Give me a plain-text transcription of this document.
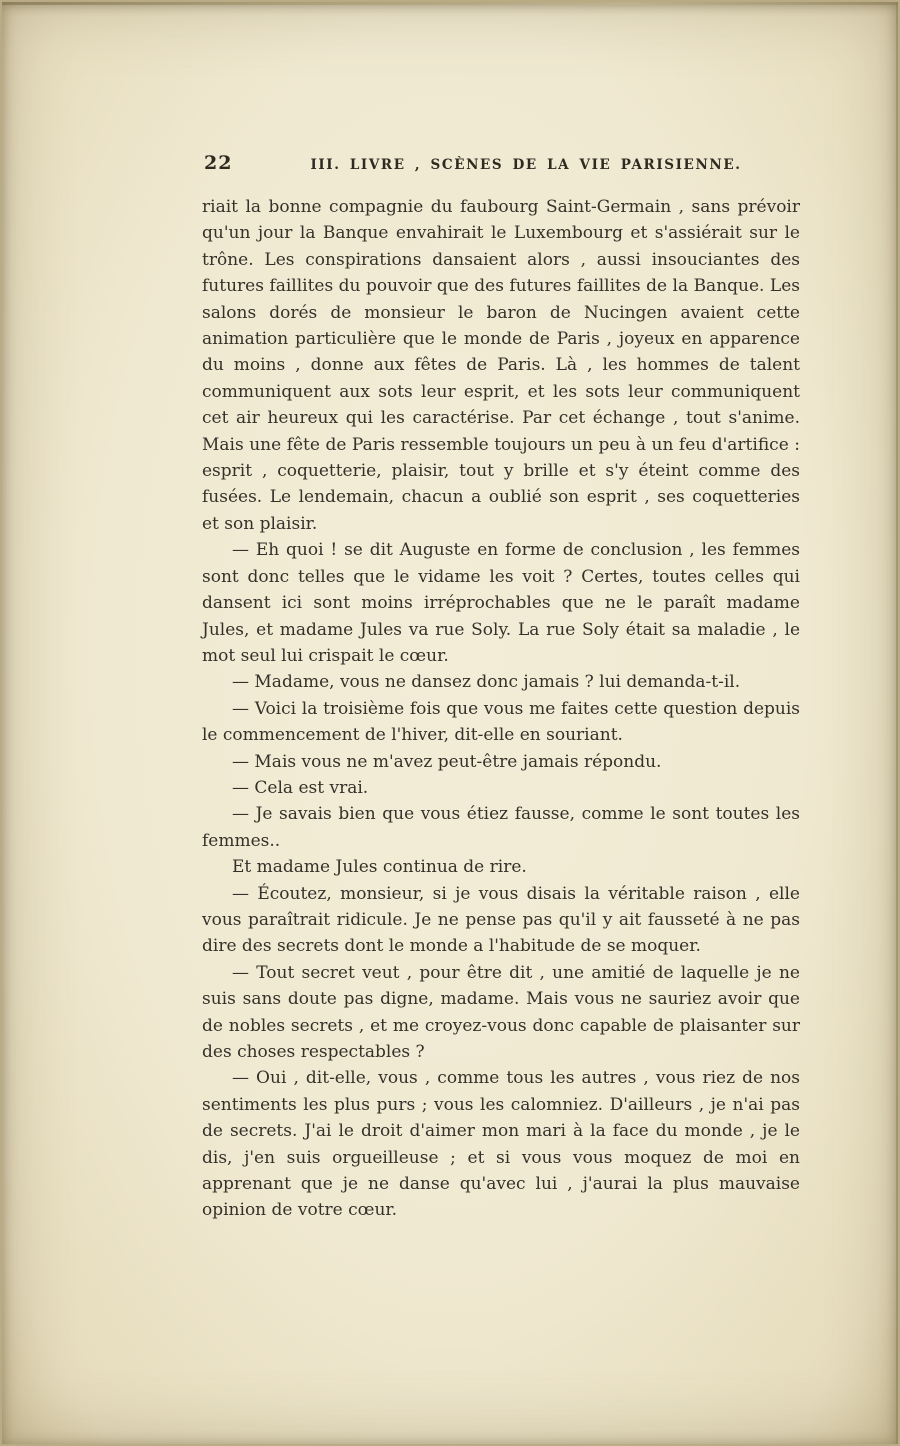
22	III. LIVRE , SCÈNES DE LA VIE PARISIENNE.

riait la bonne compagnie du faubourg Saint-Germain , sans prévoir qu'un jour la Banque envahirait le Luxembourg et s'assiérait sur le trône. Les conspirations dansaient alors , aussi insouciantes des futures faillites du pouvoir que des futures faillites de la Banque. Les salons dorés de monsieur le baron de Nucingen avaient cette animation particulière que le monde de Paris , joyeux en apparence du moins , donne aux fêtes de Paris. Là , les hommes de talent communiquent aux sots leur esprit, et les sots leur communiquent cet air heureux qui les caractérise. Par cet échange , tout s'anime. Mais une fête de Paris ressemble toujours un peu à un feu d'artifice : esprit , coquetterie, plaisir, tout y brille et s'y éteint comme des fusées. Le lendemain, chacun a oublié son esprit , ses coquetteries et son plaisir.

— Eh quoi ! se dit Auguste en forme de conclusion , les femmes sont donc telles que le vidame les voit ? Certes, toutes celles qui dansent ici sont moins irréprochables que ne le paraît madame Jules, et madame Jules va rue Soly. La rue Soly était sa maladie , le mot seul lui crispait le cœur.

— Madame, vous ne dansez donc jamais ? lui demanda-t-il.

— Voici la troisième fois que vous me faites cette question depuis le commencement de l'hiver, dit-elle en souriant.

— Mais vous ne m'avez peut-être jamais répondu.

— Cela est vrai.

— Je savais bien que vous étiez fausse, comme le sont toutes les femmes..

Et madame Jules continua de rire.

— Écoutez, monsieur, si je vous disais la véritable raison , elle vous paraîtrait ridicule. Je ne pense pas qu'il y ait fausseté à ne pas dire des secrets dont le monde a l'habitude de se moquer.

— Tout secret veut , pour être dit , une amitié de laquelle je ne suis sans doute pas digne, madame. Mais vous ne sauriez avoir que de nobles secrets , et me croyez-vous donc capable de plaisanter sur des choses respectables ?

— Oui , dit-elle, vous , comme tous les autres , vous riez de nos sentiments les plus purs ; vous les calomniez. D'ailleurs , je n'ai pas de secrets. J'ai le droit d'aimer mon mari à la face du monde , je le dis, j'en suis orgueilleuse ; et si vous vous moquez de moi en apprenant que je ne danse qu'avec lui , j'aurai la plus mauvaise opinion de votre cœur.
